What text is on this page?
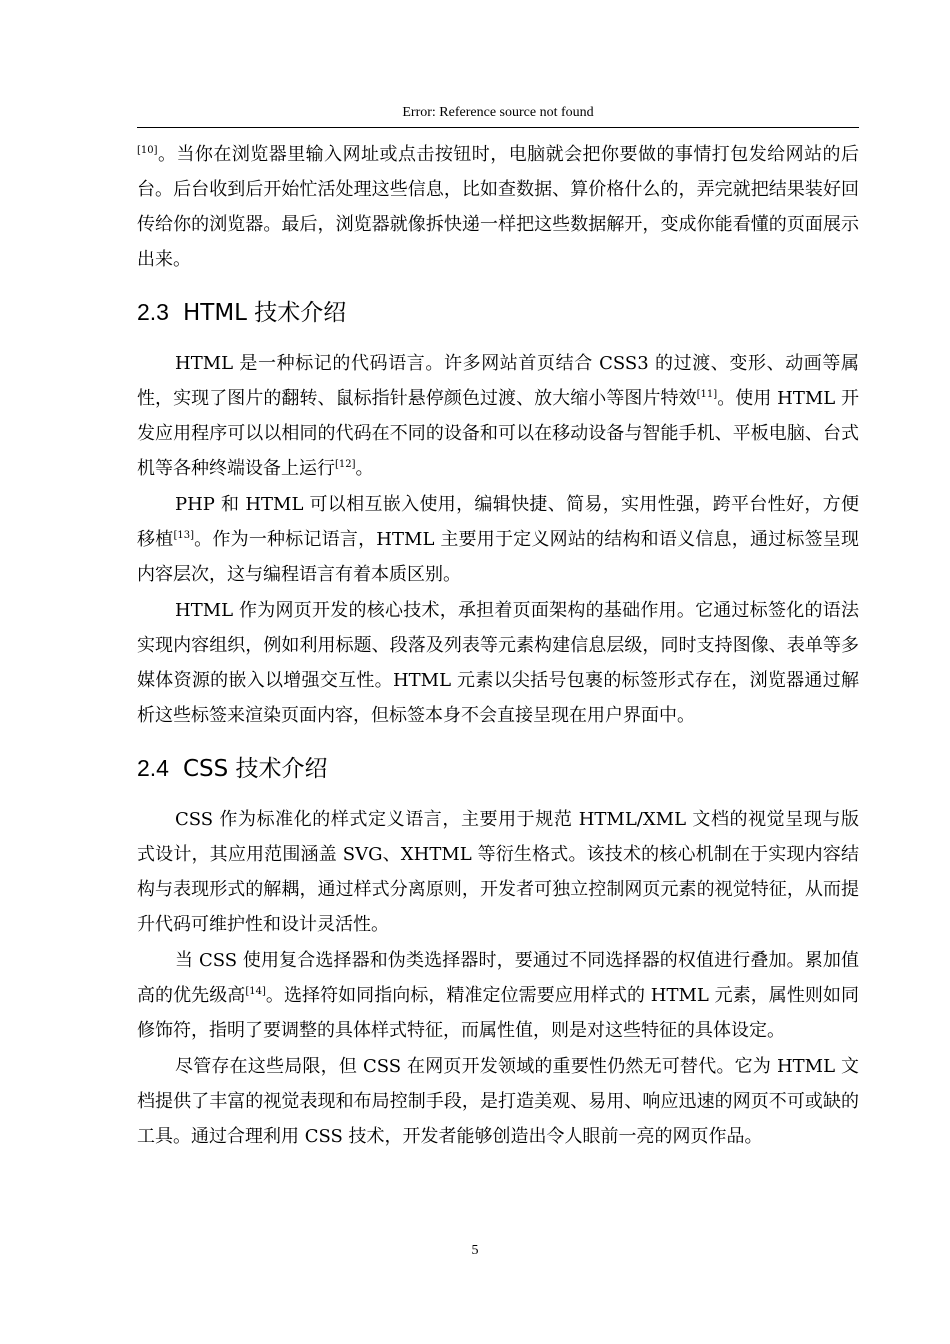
Error: Reference source not found

[10]。当你在浏览器里输入网址或点击按钮时，电脑就会把你要做的事情打包发给网站的后台。后台收到后开始忙活处理这些信息，比如查数据、算价格什么的，弄完就把结果装好回传给你的浏览器。最后，浏览器就像拆快递一样把这些数据解开，变成你能看懂的页面展示出来。

2.3 HTML 技术介绍

HTML 是一种标记的代码语言。许多网站首页结合 CSS3 的过渡、变形、动画等属性，实现了图片的翻转、鼠标指针悬停颜色过渡、放大缩小等图片特效[11]。使用 HTML 开发应用程序可以以相同的代码在不同的设备和可以在移动设备与智能手机、平板电脑、台式机等各种终端设备上运行[12]。

PHP 和 HTML 可以相互嵌入使用，编辑快捷、简易，实用性强，跨平台性好，方便移植[13]。作为一种标记语言，HTML 主要用于定义网站的结构和语义信息，通过标签呈现内容层次，这与编程语言有着本质区别。

HTML 作为网页开发的核心技术，承担着页面架构的基础作用。它通过标签化的语法实现内容组织，例如利用标题、段落及列表等元素构建信息层级，同时支持图像、表单等多媒体资源的嵌入以增强交互性。HTML 元素以尖括号包裹的标签形式存在，浏览器通过解析这些标签来渲染页面内容，但标签本身不会直接呈现在用户界面中。

2.4 CSS 技术介绍

CSS 作为标准化的样式定义语言，主要用于规范 HTML/XML 文档的视觉呈现与版式设计，其应用范围涵盖 SVG、XHTML 等衍生格式。该技术的核心机制在于实现内容结构与表现形式的解耦，通过样式分离原则，开发者可独立控制网页元素的视觉特征，从而提升代码可维护性和设计灵活性。

当 CSS 使用复合选择器和伪类选择器时，要通过不同选择器的权值进行叠加。累加值高的优先级高[14]。选择符如同指向标，精准定位需要应用样式的 HTML 元素，属性则如同修饰符，指明了要调整的具体样式特征，而属性值，则是对这些特征的具体设定。

尽管存在这些局限，但 CSS 在网页开发领域的重要性仍然无可替代。它为 HTML 文档提供了丰富的视觉表现和布局控制手段，是打造美观、易用、响应迅速的网页不可或缺的工具。通过合理利用 CSS 技术，开发者能够创造出令人眼前一亮的网页作品。

5
